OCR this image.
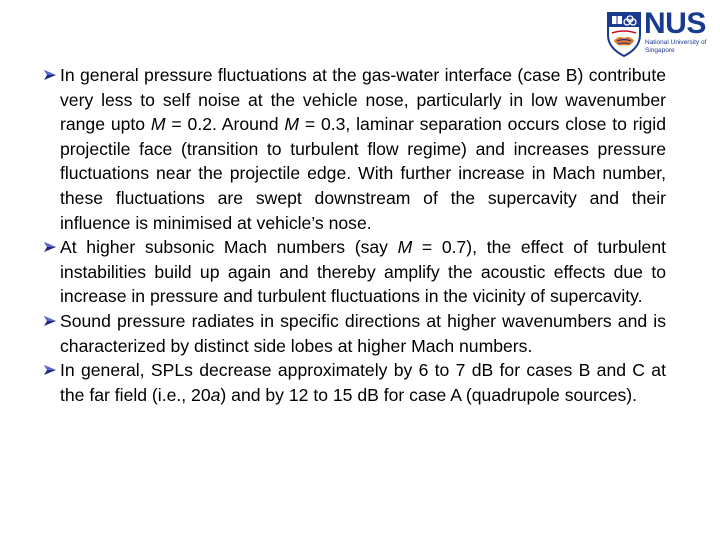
NUS
National University of Singapore

In general pressure fluctuations at the gas-water interface (case B) contribute very less to self noise at the vehicle nose, particularly in low wavenumber range upto M = 0.2. Around M = 0.3, laminar separation occurs close to rigid projectile face (transition to turbulent flow regime) and increases pressure fluctuations near the projectile edge. With further increase in Mach number, these fluctuations are swept downstream of the supercavity and their influence is minimised at vehicle’s nose.

At higher subsonic Mach numbers (say M = 0.7), the effect of turbulent instabilities build up again and thereby amplify the acoustic effects due to increase in pressure and turbulent fluctuations in the vicinity of supercavity.

Sound pressure radiates in specific directions at higher wavenumbers and is characterized by distinct side lobes at higher Mach numbers.

In general, SPLs decrease approximately by 6 to 7 dB for cases B and C at the far field (i.e., 20a) and by 12 to 15 dB for case A (quadrupole sources).
